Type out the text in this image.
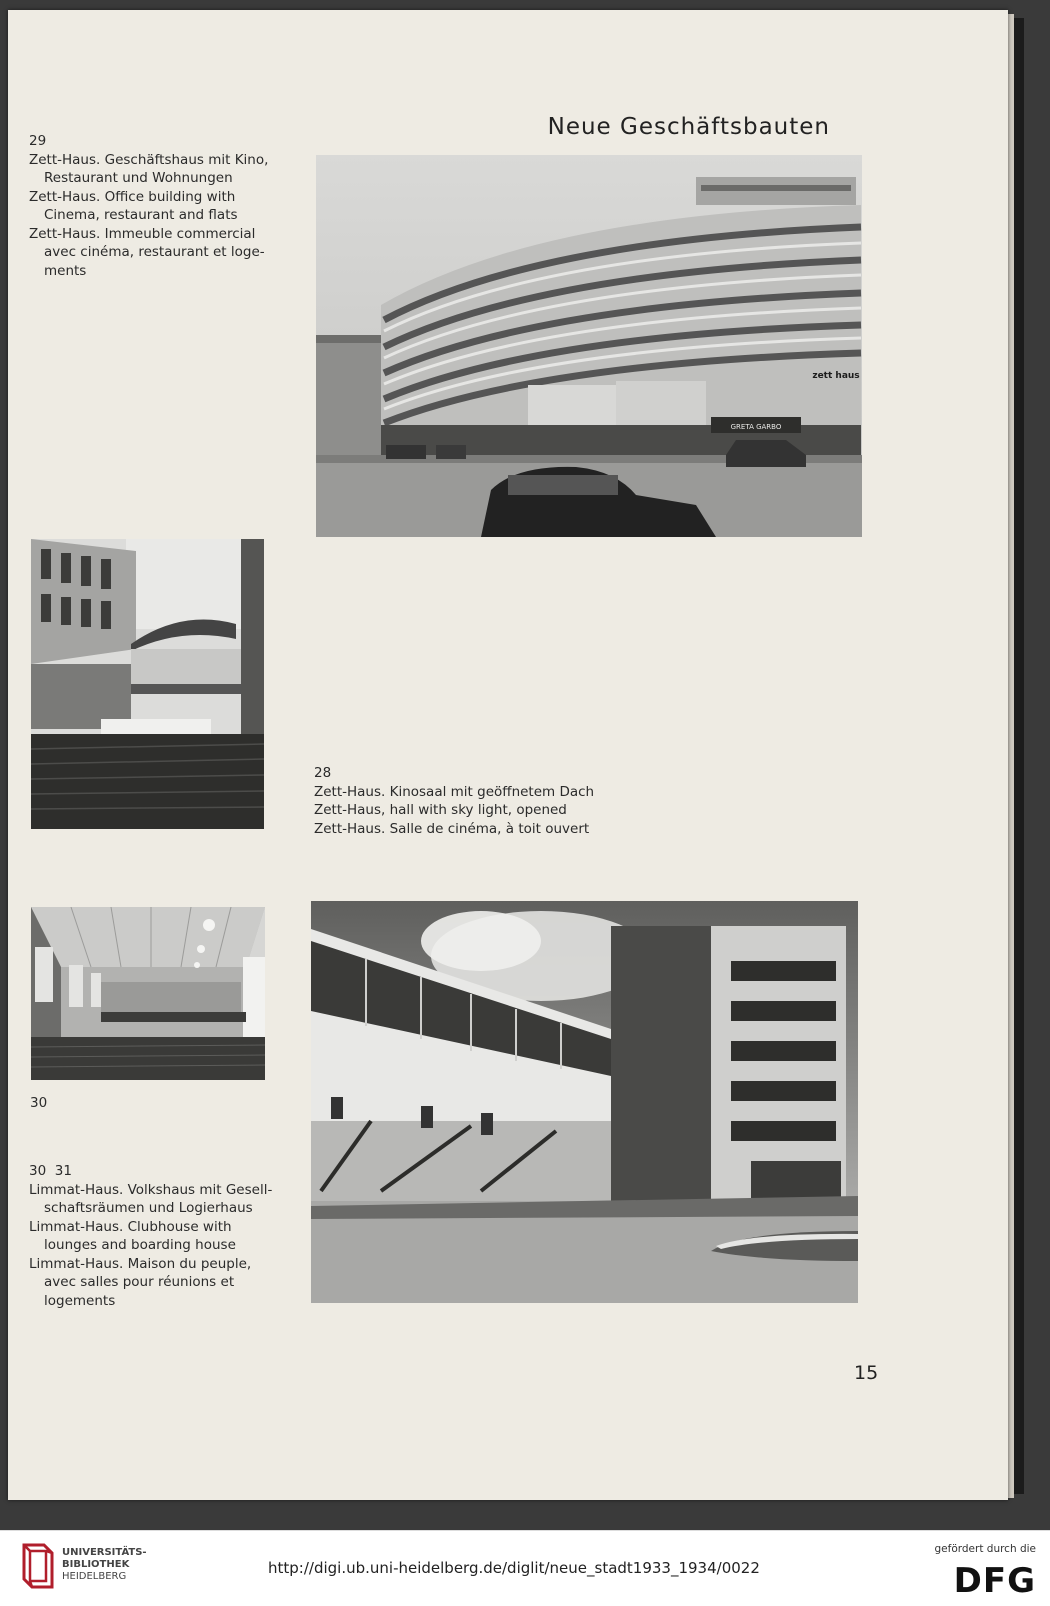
Neue Geschäftsbauten
29
Zett-Haus. Geschäftshaus mit Kino,
Restaurant und Wohnungen
Zett-Haus. Office building with
Cinema, restaurant and flats
Zett-Haus. Immeuble commercial
avec cinéma, restaurant et loge-
ments
GRETA GARBO
zett haus
28
Zett-Haus. Kinosaal mit geöffnetem Dach
Zett-Haus, hall with sky light, opened
Zett-Haus. Salle de cinéma, à toit ouvert
30
30  31
Limmat-Haus. Volkshaus mit Gesell-
schaftsräumen und Logierhaus
Limmat-Haus. Clubhouse with
lounges and boarding house
Limmat-Haus. Maison du peuple,
avec salles pour réunions et
logements
15
UNIVERSITÄTS-
BIBLIOTHEK
HEIDELBERG	http://digi.ub.uni-heidelberg.de/diglit/neue_stadt1933_1934/0022
gefördert durch die
DFG
